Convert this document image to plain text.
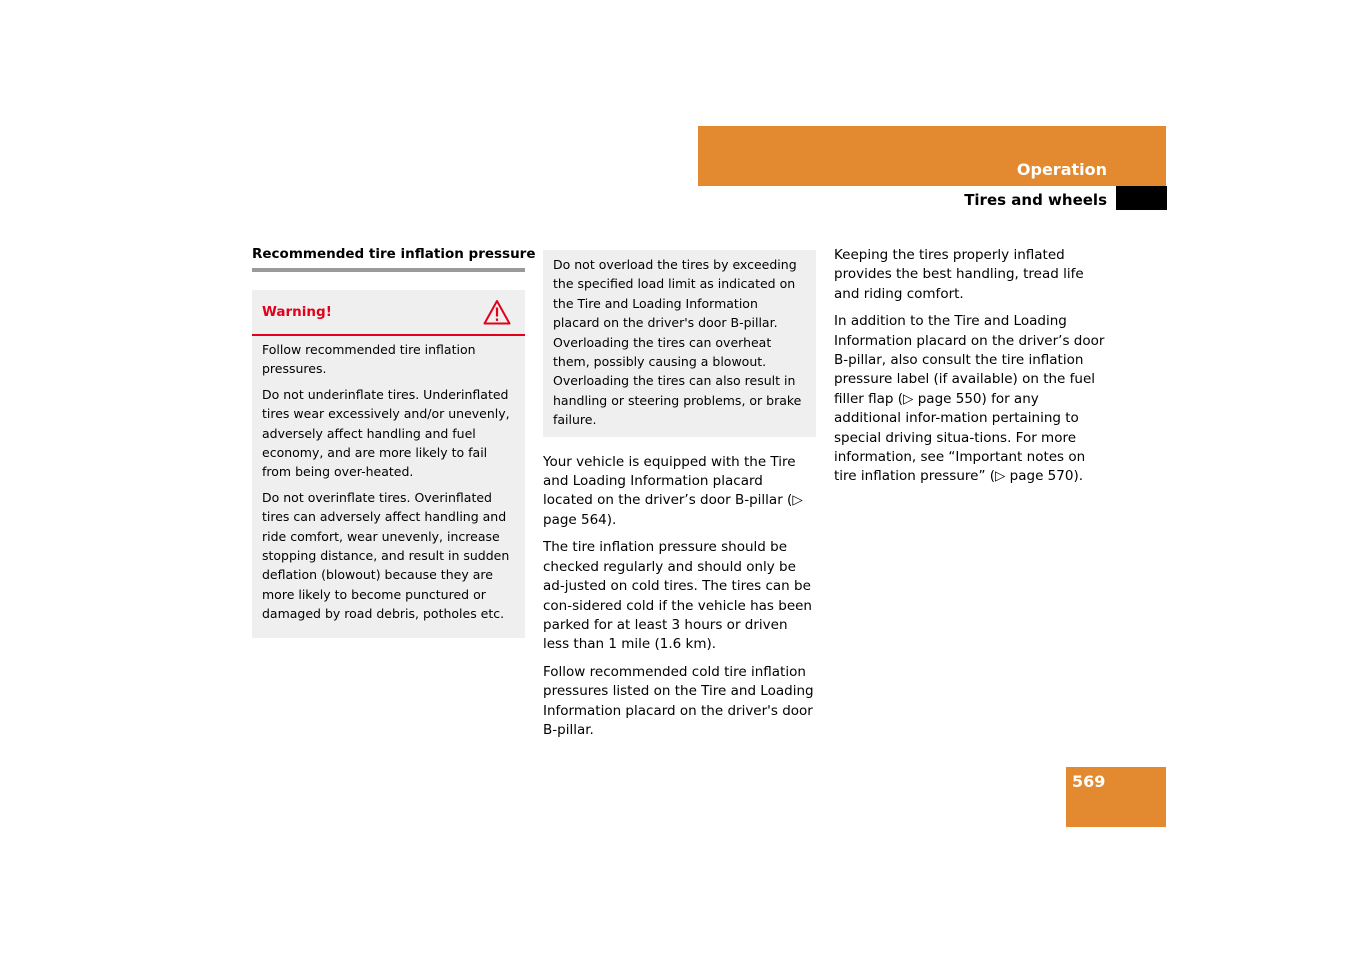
Operation
Tires and wheels
Recommended tire inflation pressure
Warning!

Follow recommended tire inflation pressures.

Do not underinflate tires. Underinflated tires wear excessively and/or unevenly, adversely affect handling and fuel economy, and are more likely to fail from being over-heated.

Do not overinflate tires. Overinflated tires can adversely affect handling and ride comfort, wear unevenly, increase stopping distance, and result in sudden deflation (blowout) because they are more likely to become punctured or damaged by road debris, potholes etc.

Do not overload the tires by exceeding the specified load limit as indicated on the Tire and Loading Information placard on the driver's door B-pillar. Overloading the tires can overheat them, possibly causing a blowout. Overloading the tires can also result in handling or steering problems, or brake failure.

Your vehicle is equipped with the Tire and Loading Information placard located on the driver’s door B-pillar (▷ page 564).

The tire inflation pressure should be checked regularly and should only be ad-justed on cold tires. The tires can be con-sidered cold if the vehicle has been parked for at least 3 hours or driven less than 1 mile (1.6 km).

Follow recommended cold tire inflation pressures listed on the Tire and Loading Information placard on the driver's door B-pillar.

Keeping the tires properly inflated provides the best handling, tread life and riding comfort.

In addition to the Tire and Loading Information placard on the driver’s door B-pillar, also consult the tire inflation pressure label (if available) on the fuel filler flap (▷ page 550) for any additional infor-mation pertaining to special driving situa-tions. For more information, see “Important notes on tire inflation pressure” (▷ page 570).

569
